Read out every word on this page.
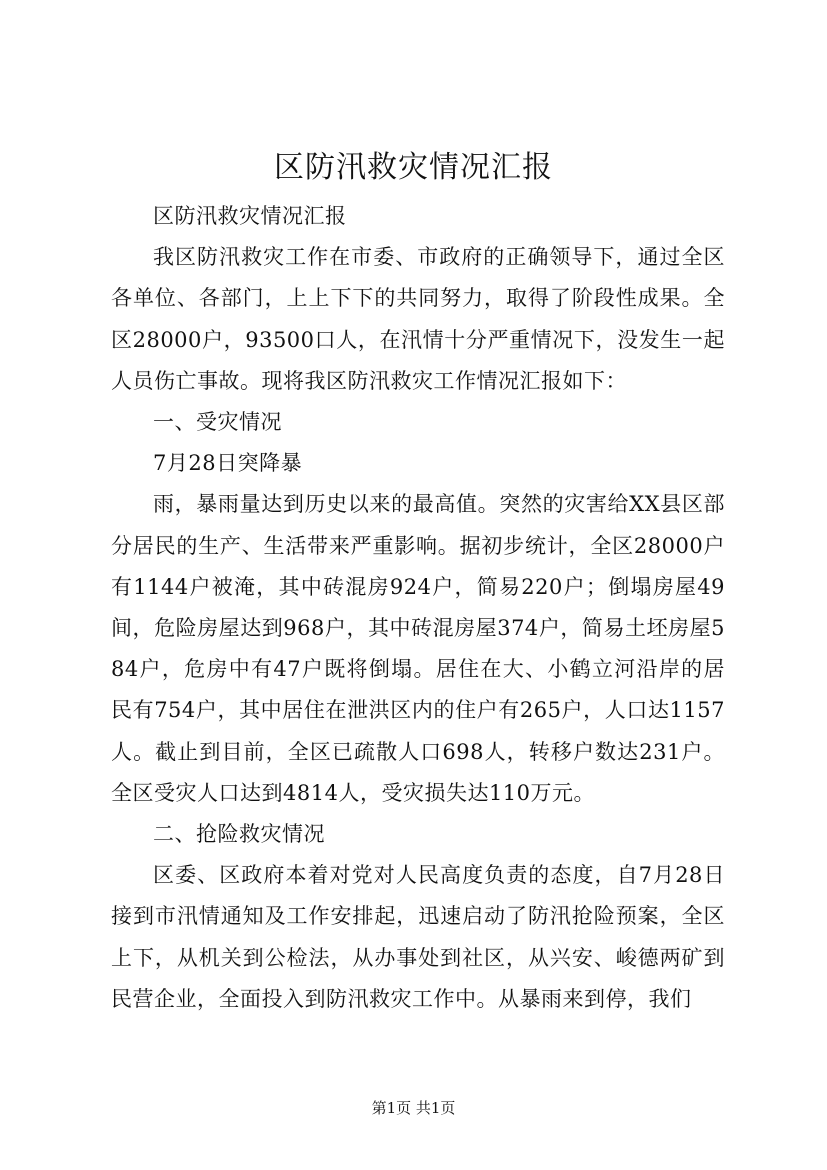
区防汛救灾情况汇报

区防汛救灾情况汇报

我区防汛救灾工作在市委、市政府的正确领导下，通过全区各单位、各部门，上上下下的共同努力，取得了阶段性成果。全区28000户，93500口人，在汛情十分严重情况下，没发生一起人员伤亡事故。现将我区防汛救灾工作情况汇报如下：

一、受灾情况

7月28日突降暴

雨，暴雨量达到历史以来的最高值。突然的灾害给XX县区部分居民的生产、生活带来严重影响。据初步统计，全区28000户有1144户被淹，其中砖混房924户，简易220户；倒塌房屋49间，危险房屋达到968户，其中砖混房屋374户，简易土坯房屋584户，危房中有47户既将倒塌。居住在大、小鹤立河沿岸的居民有754户，其中居住在泄洪区内的住户有265户，人口达1157人。截止到目前，全区已疏散人口698人，转移户数达231户。全区受灾人口达到4814人，受灾损失达110万元。

二、抢险救灾情况

区委、区政府本着对党对人民高度负责的态度，自7月28日接到市汛情通知及工作安排起，迅速启动了防汛抢险预案，全区上下，从机关到公检法，从办事处到社区，从兴安、峻德两矿到民营企业，全面投入到防汛救灾工作中。从暴雨来到停，我们

第1页 共1页
